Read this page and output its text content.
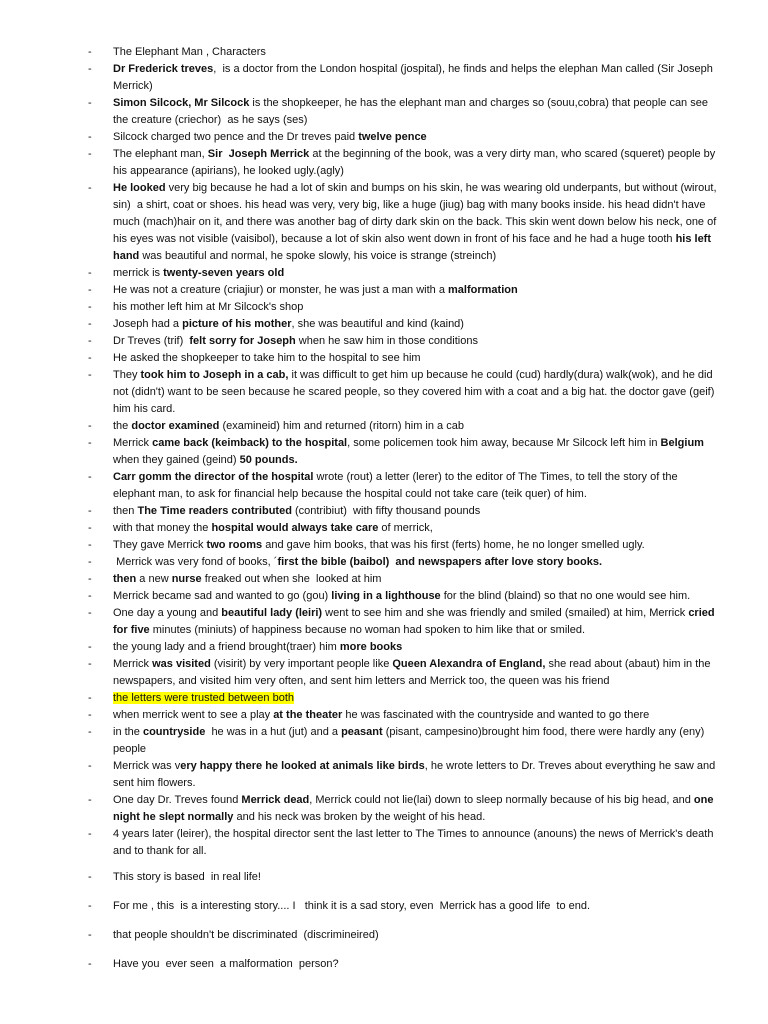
- The Elephant Man , Characters
- Dr Frederick treves,  is a doctor from the London hospital (jospital), he finds and helps the elephan Man called (Sir Joseph Merrick)
- Simon Silcock, Mr Silcock is the shopkeeper, he has the elephant man and charges so (souu,cobra) that people can see the creature (criechor)  as he says (ses)
- Silcock charged two pence and the Dr treves paid twelve pence
- The elephant man, Sir  Joseph Merrick at the beginning of the book, was a very dirty man, who scared (squeret) people by his appearance (apirians), he looked ugly.(agly)
- He looked very big because he had a lot of skin and bumps on his skin, he was wearing old underpants, but without (wirout, sin)  a shirt, coat or shoes. his head was very, very big, like a huge (jiug) bag with many books inside. his head didn't have much (mach)hair on it, and there was another bag of dirty dark skin on the back. This skin went down below his neck, one of his eyes was not visible (vaisibol), because a lot of skin also went down in front of his face and he had a huge tooth his left hand was beautiful and normal, he spoke slowly, his voice is strange (streinch)
- merrick is twenty-seven years old
- He was not a creature (criajiur) or monster, he was just a man with a malformation
- his mother left him at Mr Silcock's shop
- Joseph had a picture of his mother, she was beautiful and kind (kaind)
- Dr Treves (trif)  felt sorry for Joseph when he saw him in those conditions
- He asked the shopkeeper to take him to the hospital to see him
- They took him to Joseph in a cab, it was difficult to get him up because he could (cud) hardly(dura) walk(wok), and he did not (didn't) want to be seen because he scared people, so they covered him with a coat and a big hat. the doctor gave (geif) him his card.
- the doctor examined (examineid) him and returned (ritorn) him in a cab
- Merrick came back (keimback) to the hospital, some policemen took him away, because Mr Silcock left him in Belgium when they gained (geind) 50 pounds.
- Carr gomm the director of the hospital wrote (rout) a letter (lerer) to the editor of The Times, to tell the story of the elephant man, to ask for financial help because the hospital could not take care (teik quer) of him.
- then The Time readers contributed (contribiut)  with fifty thousand pounds
- with that money the hospital would always take care of merrick,
- They gave Merrick two rooms and gave him books, that was his first (ferts) home, he no longer smelled ugly.
- Merrick was very fond of books, ´first the bible (baibol)  and newspapers after love story books.
- then a new nurse freaked out when she  looked at him
- Merrick became sad and wanted to go (gou) living in a lighthouse for the blind (blaind) so that no one would see him.
- One day a young and beautiful lady (leiri) went to see him and she was friendly and smiled (smailed) at him, Merrick cried for five minutes (miniuts) of happiness because no woman had spoken to him like that or smiled.
- the young lady and a friend brought(traer) him more books
- Merrick was visited (visirit) by very important people like Queen Alexandra of England, she read about (abaut) him in the newspapers, and visited him very often, and sent him letters and Merrick too, the queen was his friend
- the letters were trusted between both
- when merrick went to see a play at the theater he was fascinated with the countryside and wanted to go there
- in the countryside  he was in a hut (jut) and a peasant (pisant, campesino)brought him food, there were hardly any (eny) people
- Merrick was very happy there he looked at animals like birds, he wrote letters to Dr. Treves about everything he saw and sent him flowers.
- One day Dr. Treves found Merrick dead, Merrick could not lie(lai) down to sleep normally because of his big head, and one night he slept normally and his neck was broken by the weight of his head.
- 4 years later (leirer), the hospital director sent the last letter to The Times to announce (anouns) the news of Merrick's death and to thank for all.
- This story is based  in real life!
- For me , this  is a interesting story.... I   think it is a sad story, even  Merrick has a good life  to end.
- that people shouldn't be discriminated  (discrimineired)
- Have you  ever seen  a malformation  person?
